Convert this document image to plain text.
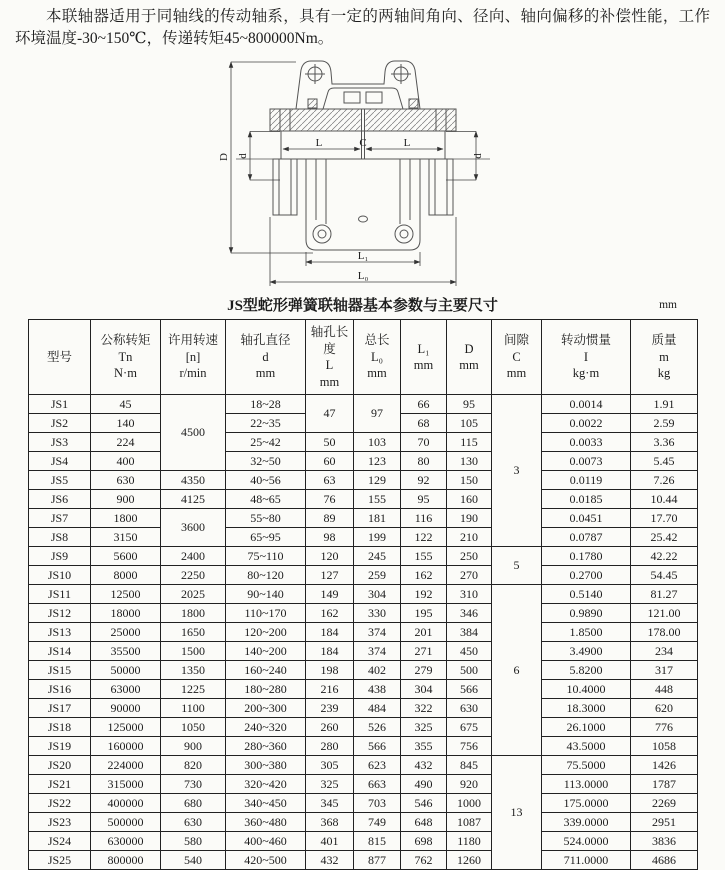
本联轴器适用于同轴线的传动轴系，具有一定的两轴间角向、径向、轴向偏移的补偿性能，工作环境温度-30~150℃，传递转矩45~800000Nm。

D d	d
L	C	L
L₁
L₀
JS型蛇形弹簧联轴器基本参数与主要尺寸	mm
型号	公称转矩
Tn
N·m	许用转速
[n]
r/min	轴孔直径
d
mm	轴孔长度
L
mm	总长
L₀
mm	L₁
mm	D
mm	间隙
C
mm	转动惯量
I
kg·m	质量
m
kg
JS1	45	4500	18~28	47	97	66	95	3	0.0014	1.91
JS2	140		22~35			68	105		0.0022	2.59
JS3	224		25~42	50	103	70	115		0.0033	3.36
JS4	400		32~50	60	123	80	130		0.0073	5.45
JS5	630	4350	40~56	63	129	92	150		0.0119	7.26
JS6	900	4125	48~65	76	155	95	160		0.0185	10.44
JS7	1800	3600	55~80	89	181	116	190		0.0451	17.70
JS8	3150		65~95	98	199	122	210		0.0787	25.42
JS9	5600	2400	75~110	120	245	155	250	5	0.1780	42.22
JS10	8000	2250	80~120	127	259	162	270		0.2700	54.45
JS11	12500	2025	90~140	149	304	192	310	6	0.5140	81.27
JS12	18000	1800	110~170	162	330	195	346		0.9890	121.00
JS13	25000	1650	120~200	184	374	201	384		1.8500	178.00
JS14	35500	1500	140~200	184	374	271	450		3.4900	234
JS15	50000	1350	160~240	198	402	279	500		5.8200	317
JS16	63000	1225	180~280	216	438	304	566		10.4000	448
JS17	90000	1100	200~300	239	484	322	630		18.3000	620
JS18	125000	1050	240~320	260	526	325	675		26.1000	776
JS19	160000	900	280~360	280	566	355	756		43.5000	1058
JS20	224000	820	300~380	305	623	432	845	13	75.5000	1426
JS21	315000	730	320~420	325	663	490	920		113.0000	1787
JS22	400000	680	340~450	345	703	546	1000		175.0000	2269
JS23	500000	630	360~480	368	749	648	1087		339.0000	2951
JS24	630000	580	400~460	401	815	698	1180		524.0000	3836
JS25	800000	540	420~500	432	877	762	1260		711.0000	4686
